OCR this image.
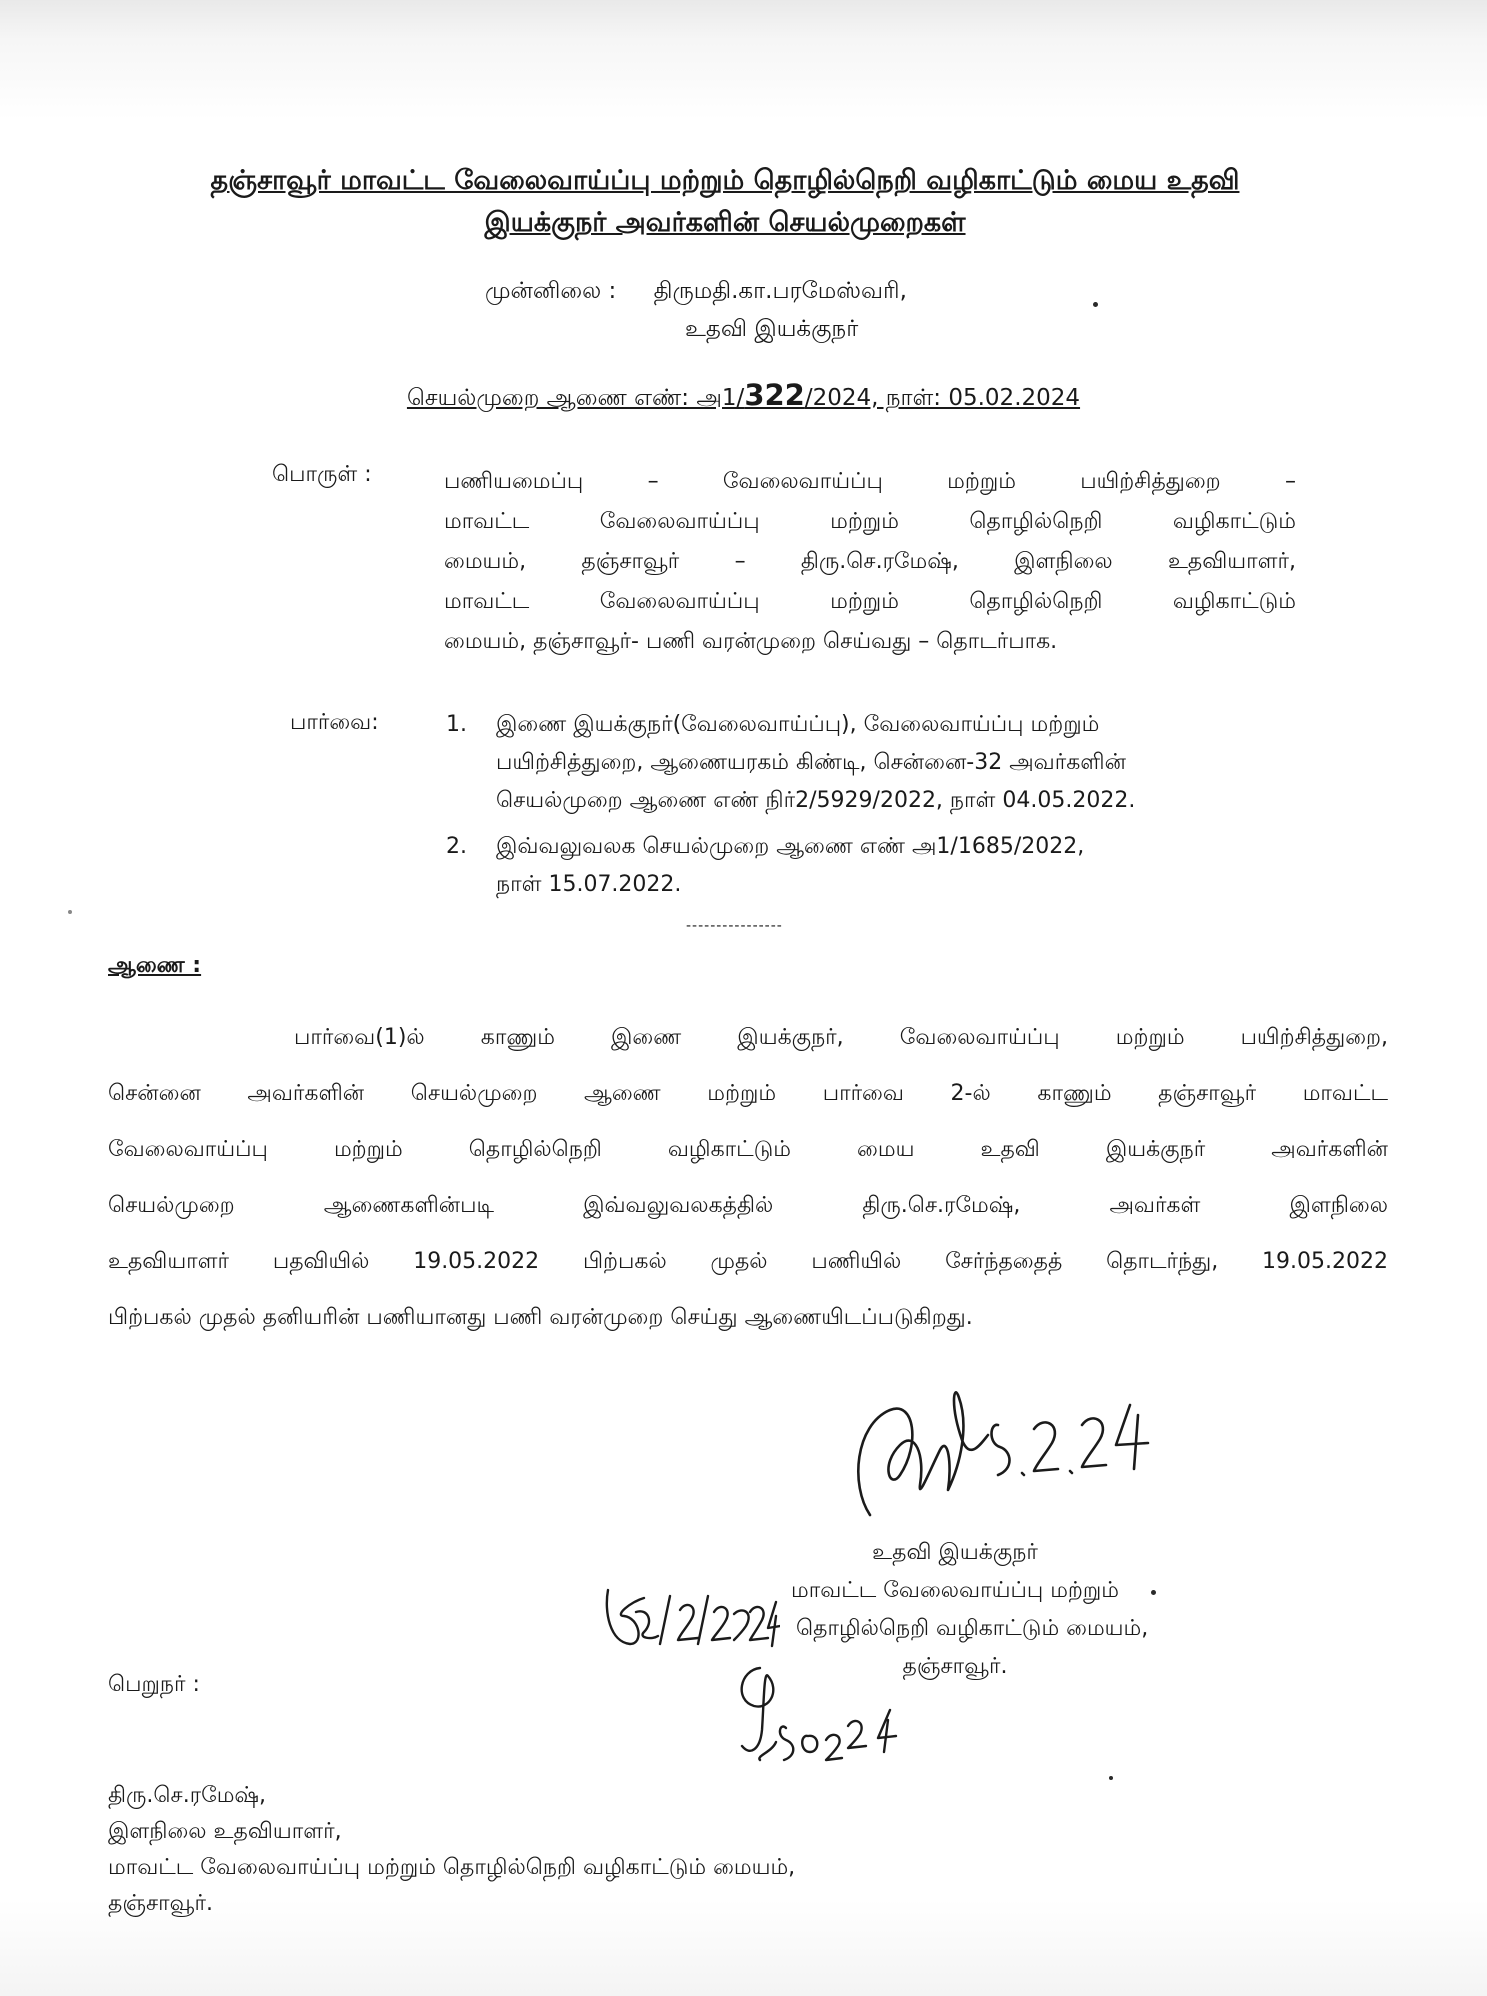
தஞ்சாவூர் மாவட்ட வேலைவாய்ப்பு மற்றும் தொழில்நெறி வழிகாட்டும் மைய உதவி
இயக்குநர் அவர்களின் செயல்முறைகள்
முன்னிலை : திருமதி.கா.பரமேஸ்வரி,
உதவி இயக்குநர்
செயல்முறை ஆணை எண்: அ1/322/2024, நாள்: 05.02.2024
பொருள் :	பணியமைப்பு – வேலைவாய்ப்பு மற்றும் பயிற்சித்துறை –
மாவட்ட வேலைவாய்ப்பு மற்றும் தொழில்நெறி வழிகாட்டும்
மையம், தஞ்சாவூர் – திரு.செ.ரமேஷ், இளநிலை உதவியாளர்,
மாவட்ட வேலைவாய்ப்பு மற்றும் தொழில்நெறி வழிகாட்டும்
மையம், தஞ்சாவூர்- பணி வரன்முறை செய்வது – தொடர்பாக.
பார்வை:	1.	இணை இயக்குநர்(வேலைவாய்ப்பு), வேலைவாய்ப்பு மற்றும்
பயிற்சித்துறை, ஆணையரகம் கிண்டி, சென்னை-32 அவர்களின்
செயல்முறை ஆணை எண் நிர்2/5929/2022, நாள் 04.05.2022.
2.	இவ்வலுவலக செயல்முறை ஆணை எண் அ1/1685/2022,
நாள் 15.07.2022.
----------------
ஆணை :
பார்வை(1)ல் காணும் இணை இயக்குநர், வேலைவாய்ப்பு மற்றும் பயிற்சித்துறை,
சென்னை அவர்களின் செயல்முறை ஆணை மற்றும் பார்வை 2-ல் காணும் தஞ்சாவூர் மாவட்ட
வேலைவாய்ப்பு மற்றும் தொழில்நெறி வழிகாட்டும் மைய உதவி இயக்குநர் அவர்களின்
செயல்முறை ஆணைகளின்படி இவ்வலுவலகத்தில் திரு.செ.ரமேஷ், அவர்கள் இளநிலை
உதவியாளர் பதவியில் 19.05.2022 பிற்பகல் முதல் பணியில் சேர்ந்ததைத் தொடர்ந்து, 19.05.2022
பிற்பகல் முதல் தனியரின் பணியானது பணி வரன்முறை செய்து ஆணையிடப்படுகிறது.
உதவி இயக்குநர்
மாவட்ட வேலைவாய்ப்பு மற்றும்
தொழில்நெறி வழிகாட்டும் மையம்,
தஞ்சாவூர்.
பெறுநர் :
திரு.செ.ரமேஷ்,
இளநிலை உதவியாளர்,
மாவட்ட வேலைவாய்ப்பு மற்றும் தொழில்நெறி வழிகாட்டும் மையம்,
தஞ்சாவூர்.
